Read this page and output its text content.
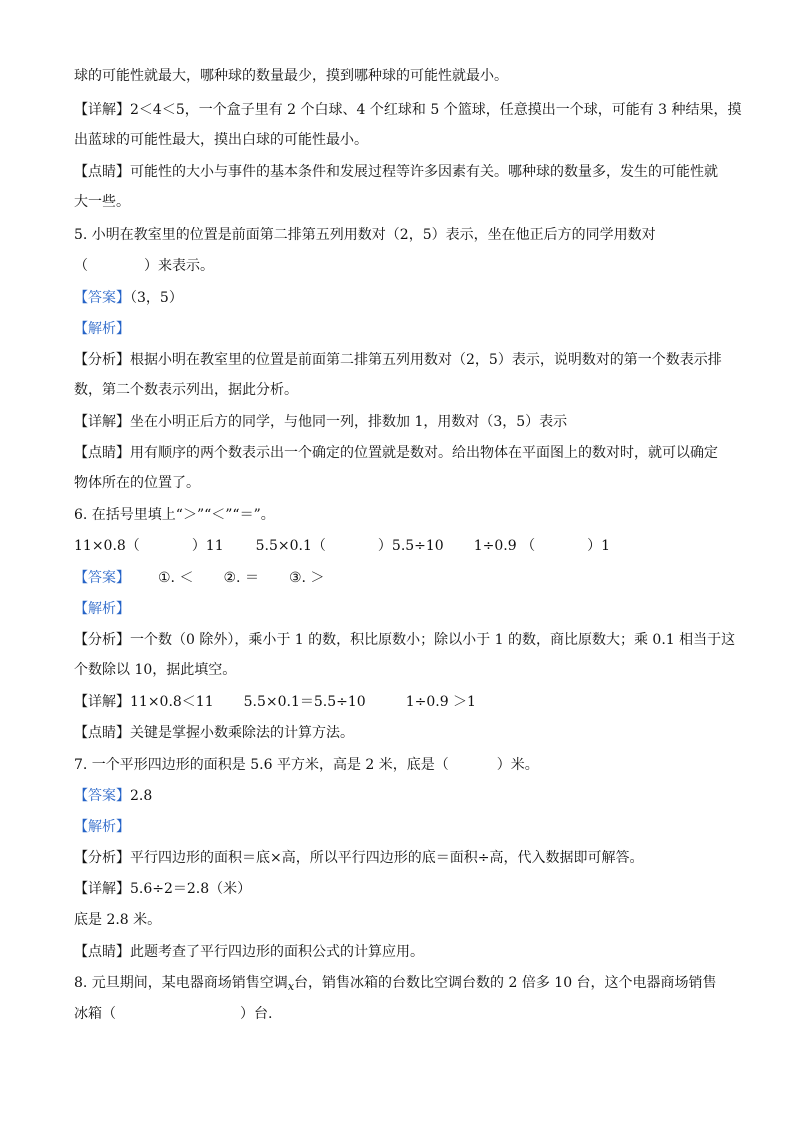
球的可能性就最大，哪种球的数量最少，摸到哪种球的可能性就最小。
【详解】2＜4＜5，一个盒子里有 2 个白球、4 个红球和 5 个篮球，任意摸出一个球，可能有 3 种结果，摸
出蓝球的可能性最大，摸出白球的可能性最小。
【点睛】可能性的大小与事件的基本条件和发展过程等许多因素有关。哪种球的数量多，发生的可能性就
大一些。
5. 小明在教室里的位置是前面第二排第五列用数对（2，5）表示，坐在他正后方的同学用数对
（	）来表示。
【答案】（3，5）
【解析】
【分析】根据小明在教室里的位置是前面第二排第五列用数对（2，5）表示，说明数对的第一个数表示排
数，第二个数表示列出，据此分析。
【详解】坐在小明正后方的同学，与他同一列，排数加 1，用数对（3，5）表示
【点睛】用有顺序的两个数表示出一个确定的位置就是数对。给出物体在平面图上的数对时，就可以确定
物体所在的位置了。
6. 在括号里填上“＞”“＜”“＝”。
11×0.8（	）11 5.5×0.1（	）5.5÷10 1÷0.9 （	）1
【答案】 ①. ＜ ②. ＝ ③. ＞
【解析】
【分析】一个数（0 除外），乘小于 1 的数，积比原数小；除以小于 1 的数，商比原数大；乘 0.1 相当于这
个数除以 10，据此填空。
【详解】11×0.8＜11 5.5×0.1＝5.5÷10	1÷0.9 ＞1
【点睛】关键是掌握小数乘除法的计算方法。
7. 一个平形四边形的面积是 5.6 平方米，高是 2 米，底是（	）米。
【答案】2.8
【解析】
【分析】平行四边形的面积＝底×高，所以平行四边形的底＝面积÷高，代入数据即可解答。
【详解】5.6÷2＝2.8（米）
底是 2.8 米。
【点睛】此题考查了平行四边形的面积公式的计算应用。
8. 元旦期间，某电器商场销售空调$_x$台，销售冰箱的台数比空调台数的 2 倍多 10 台，这个电器商场销售
冰箱（	）台.
